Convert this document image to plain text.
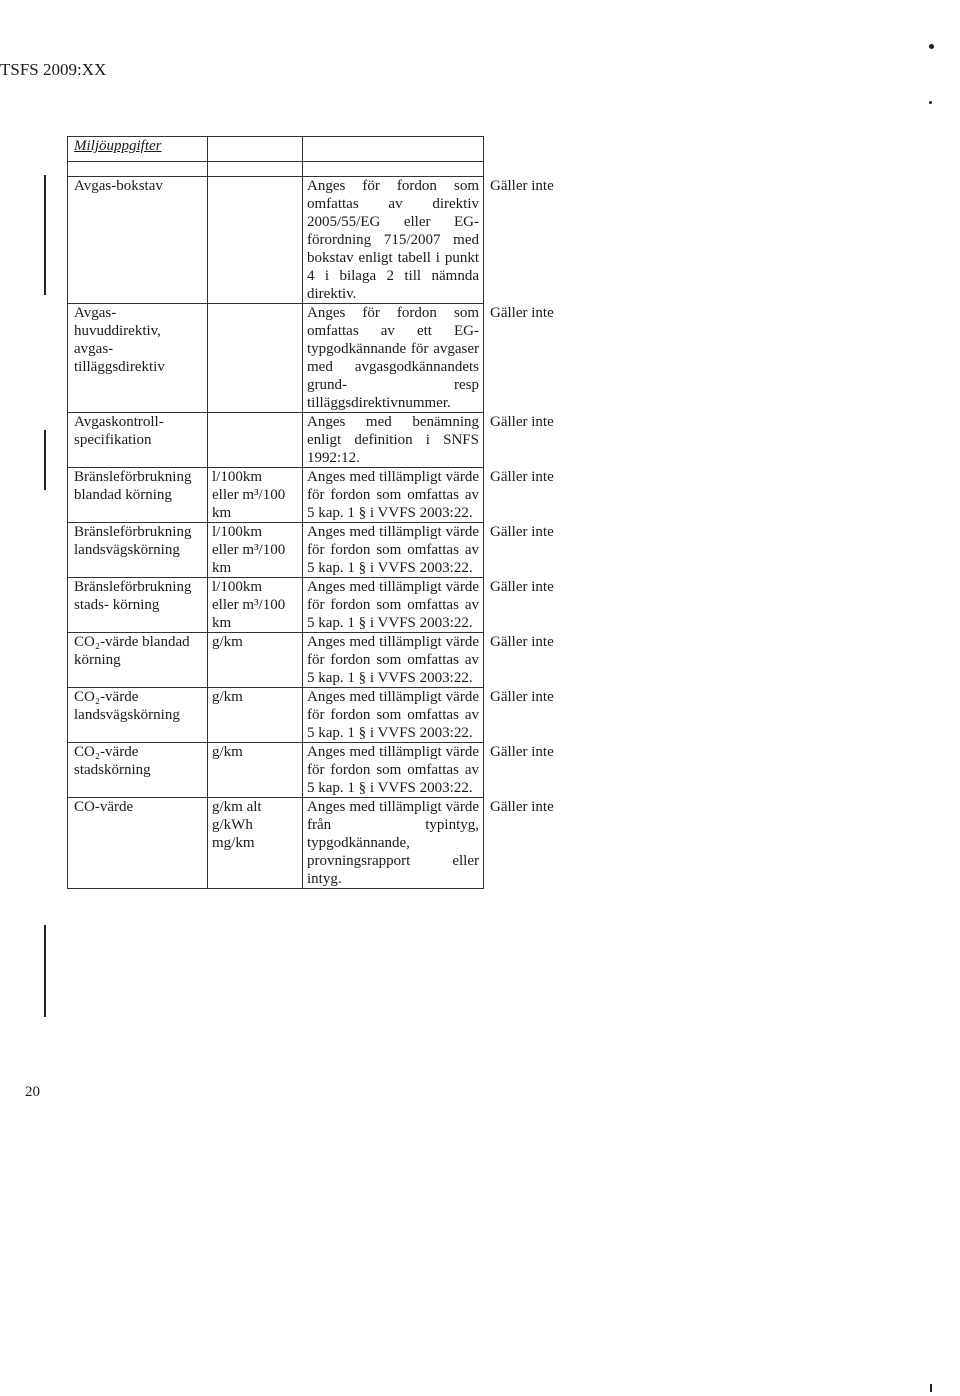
TSFS 2009:XX
Miljöuppgifter			

Avgas-bokstav		Anges för fordon som omfattas av direktiv 2005/55/EG eller EG-förordning 715/2007 med bokstav enligt tabell i punkt 4 i bilaga 2 till nämnda direktiv.	Gäller inte
Avgas-huvuddirektiv, avgas-tilläggsdirektiv		Anges för fordon som omfattas av ett EG-typgodkännande för avgaser med avgasgodkännandets grund- resp tilläggsdirektivnummer.	Gäller inte
Avgaskontroll-specifikation		Anges med benämning enligt definition i SNFS 1992:12.	Gäller inte
Bränsleförbrukning blandad körning	l/100km
eller m³/100
km	Anges med tillämpligt värde för fordon som omfattas av 5 kap. 1 § i VVFS 2003:22.	Gäller inte
Bränsleförbrukning landsvägskörning	l/100km
eller m³/100
km	Anges med tillämpligt värde för fordon som omfattas av 5 kap. 1 § i VVFS 2003:22.	Gäller inte
Bränsleförbrukning stads- körning	l/100km
eller m³/100
km	Anges med tillämpligt värde för fordon som omfattas av 5 kap. 1 § i VVFS 2003:22.	Gäller inte
CO₂-värde blandad körning	g/km	Anges med tillämpligt värde för fordon som omfattas av 5 kap. 1 § i VVFS 2003:22.	Gäller inte
CO₂-värde landsvägskörning	g/km	Anges med tillämpligt värde för fordon som omfattas av 5 kap. 1 § i VVFS 2003:22.	Gäller inte
CO₂-värde stadskörning	g/km	Anges med tillämpligt värde för fordon som omfattas av 5 kap. 1 § i VVFS 2003:22.	Gäller inte
CO-värde	g/km alt
g/kWh
mg/km	Anges med tillämpligt värde från typintyg, typgodkännande, provningsrapport eller intyg.	Gäller inte
20
